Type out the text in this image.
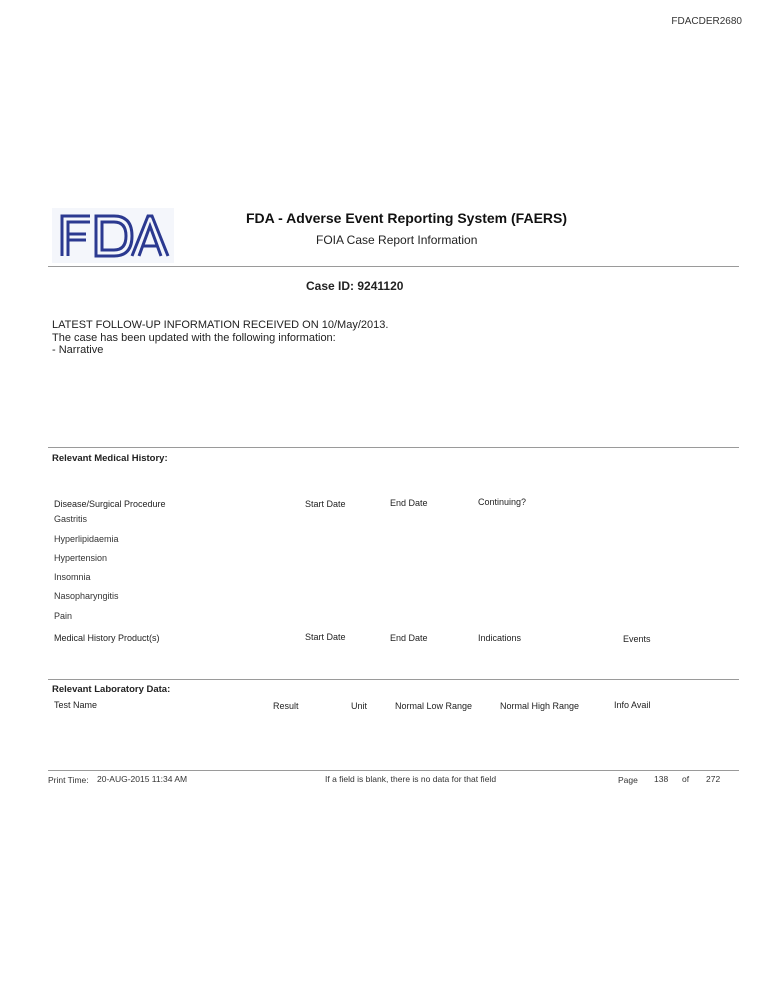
FDACDER2680
FDA - Adverse Event Reporting System (FAERS)
FOIA Case Report Information
Case ID: 9241120
LATEST FOLLOW-UP INFORMATION RECEIVED ON 10/May/2013.
The case has been updated with the following information:
- Narrative
Relevant Medical History:
Disease/Surgical Procedure	Start Date	End Date	Continuing?
Gastritis
Hyperlipidaemia
Hypertension
Insomnia
Nasopharyngitis
Pain
Medical History Product(s)	Start Date	End Date	Indications	Events
Relevant Laboratory Data:
Test Name	Result	Unit	Normal Low Range	Normal High Range	Info Avail
Print Time: 20-AUG-2015 11:34 AM	If a field is blank, there is no data for that field	Page 138 of 272
